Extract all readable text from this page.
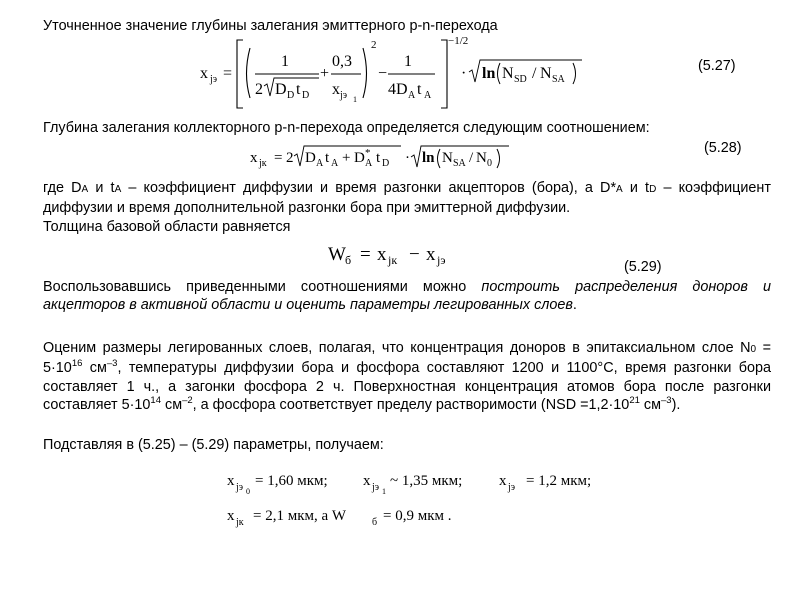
Уточненное значение глубины залегания эмиттерного p-n-перехода
x jэ =
1
2 D D t D
+
0,3
x jэ 1
2
−
1
4D A t A
−1/2
· ln N SD / N SA
(5.27)
Глубина залегания коллекторного p-n-перехода определяется следующим соотношением:
x jк = 2 D A t A + D *
A t D · ln N SA / N 0
(5.28)
где DA и tA – коэффициент диффузии и время разгонки акцепторов (бора), а D*A и tD – коэффициент диффузии и время дополнительной разгонки бора при эмиттерной диффузии.
Толщина базовой области равняется
W б = x jк − x jэ	(5.29)
Воспользовавшись приведенными соотношениями можно построить распределения доноров и акцепторов в активной области и оценить параметры легированных слоев.
Оценим размеры легированных слоев, полагая, что концентрация доноров в эпитаксиальном слое $N0 = 5\cdot 10^{16}$ $см^{-3}$, температуры диффузии бора и фосфора составляют 1200 и 1100°C, время разгонки бора составляет 1 ч., а загонки фосфора 2 ч. Поверхностная концентрация атомов бора после разгонки составляет $5\cdot 10^{14}$ $см^{-2}$, а фосфора соответствует пределу растворимости ($NSD =1,2\cdot 10^{21}$ $см^{-3}$).
Подставляя в (5.25) – (5.29) параметры, получаем:
x jэ 0
= 1,60 мкм; x jэ 1
~ 1,35 мкм; x jэ = 1,2 мкм;
x jк = 2,1 мкм, а W	б = 0,9 мкм .
